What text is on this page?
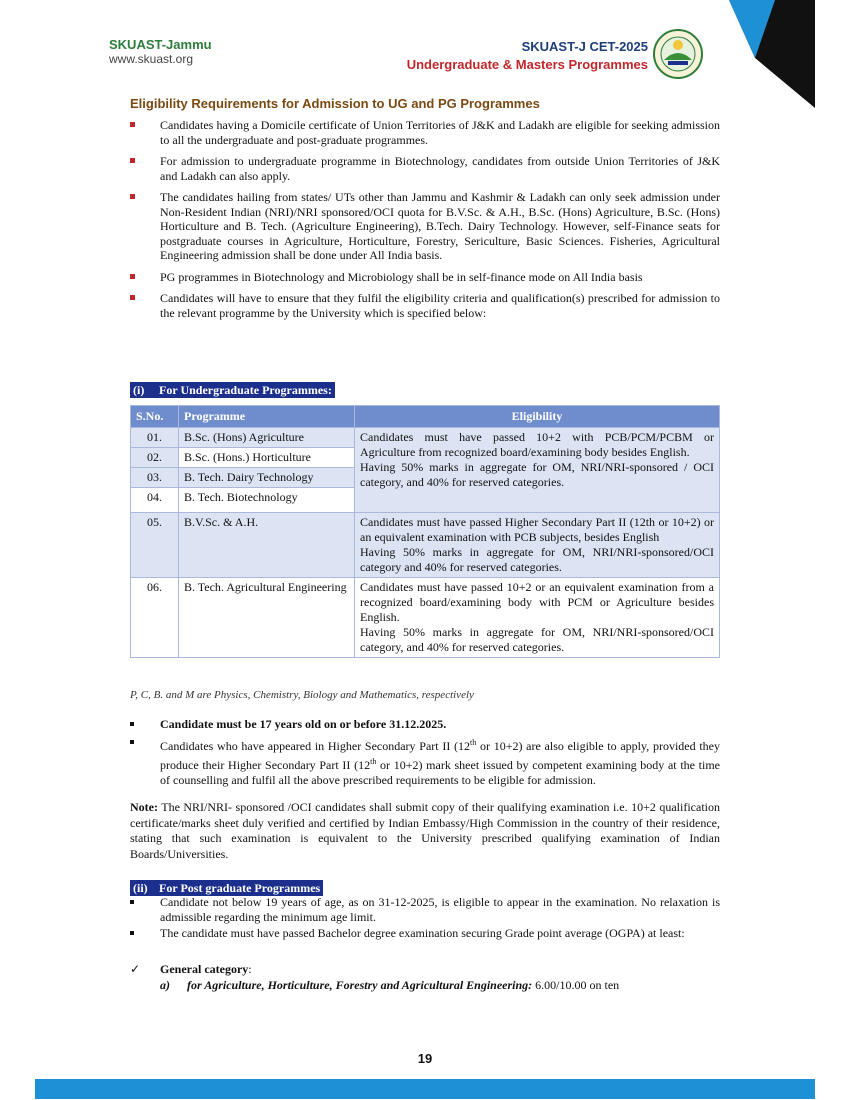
SKUAST-Jammu
www.skuast.org
SKUAST-J CET-2025
Undergraduate & Masters Programmes
Eligibility Requirements for Admission to UG and PG Programmes
Candidates having a Domicile certificate of Union Territories of J&K and Ladakh are eligible for seeking admission to all the undergraduate and post-graduate programmes.
For admission to undergraduate programme in Biotechnology, candidates from outside Union Territories of J&K and Ladakh can also apply.
The candidates hailing from states/ UTs other than Jammu and Kashmir & Ladakh can only seek admission under Non-Resident Indian (NRI)/NRI sponsored/OCI quota for B.V.Sc. & A.H., B.Sc. (Hons) Agriculture, B.Sc. (Hons) Horticulture and B. Tech. (Agriculture Engineering), B.Tech. Dairy Technology. However, self-Finance seats for postgraduate courses in Agriculture, Horticulture, Forestry, Sericulture, Basic Sciences. Fisheries, Agricultural Engineering admission shall be done under All India basis.
PG programmes in Biotechnology and Microbiology shall be in self-finance mode on All India basis
Candidates will have to ensure that they fulfil the eligibility criteria and qualification(s) prescribed for admission to the relevant programme by the University which is specified below:
(i) For Undergraduate Programmes:
S.No.	Programme	Eligibility
01.	B.Sc. (Hons) Agriculture	Candidates must have passed 10+2 with PCB/PCM/PCBM or Agriculture from recognized board/examining body besides English.

Having 50% marks in aggregate for OM, NRI/NRI-sponsored / OCI category, and 40% for reserved categories.

02.	B.Sc. (Hons.) Horticulture	
03.	B. Tech. Dairy Technology	
04.	B. Tech. Biotechnology	
05.	B.V.Sc. & A.H.	Candidates must have passed Higher Secondary Part II (12th or 10+2) or an equivalent examination with PCB subjects, besides English

Having 50% marks in aggregate for OM, NRI/NRI-sponsored/OCI category and 40% for reserved categories.

06.	B. Tech. Agricultural Engineering	Candidates must have passed 10+2 or an equivalent examination from a recognized board/examining body with PCM or Agriculture besides English.

Having 50% marks in aggregate for OM, NRI/NRI-sponsored/OCI category, and 40% for reserved categories.

P, C, B. and M are Physics, Chemistry, Biology and Mathematics, respectively
Candidate must be 17 years old on or before 31.12.2025.
Candidates who have appeared in Higher Secondary Part II (12th or 10+2) are also eligible to apply, provided they produce their Higher Secondary Part II (12th or 10+2) mark sheet issued by competent examining body at the time of counselling and fulfil all the above prescribed requirements to be eligible for admission.
Note: The NRI/NRI- sponsored /OCI candidates shall submit copy of their qualifying examination i.e. 10+2 qualification certificate/marks sheet duly verified and certified by Indian Embassy/High Commission in the country of their residence, stating that such examination is equivalent to the University prescribed qualifying examination of Indian Boards/Universities.
(ii) For Post graduate Programmes
Candidate not below 19 years of age, as on 31-12-2025, is eligible to appear in the examination. No relaxation is admissible regarding the minimum age limit.
The candidate must have passed Bachelor degree examination securing Grade point average (OGPA) at least:
✓ General category:
a) for Agriculture, Horticulture, Forestry and Agricultural Engineering: 6.00/10.00 on ten
19
